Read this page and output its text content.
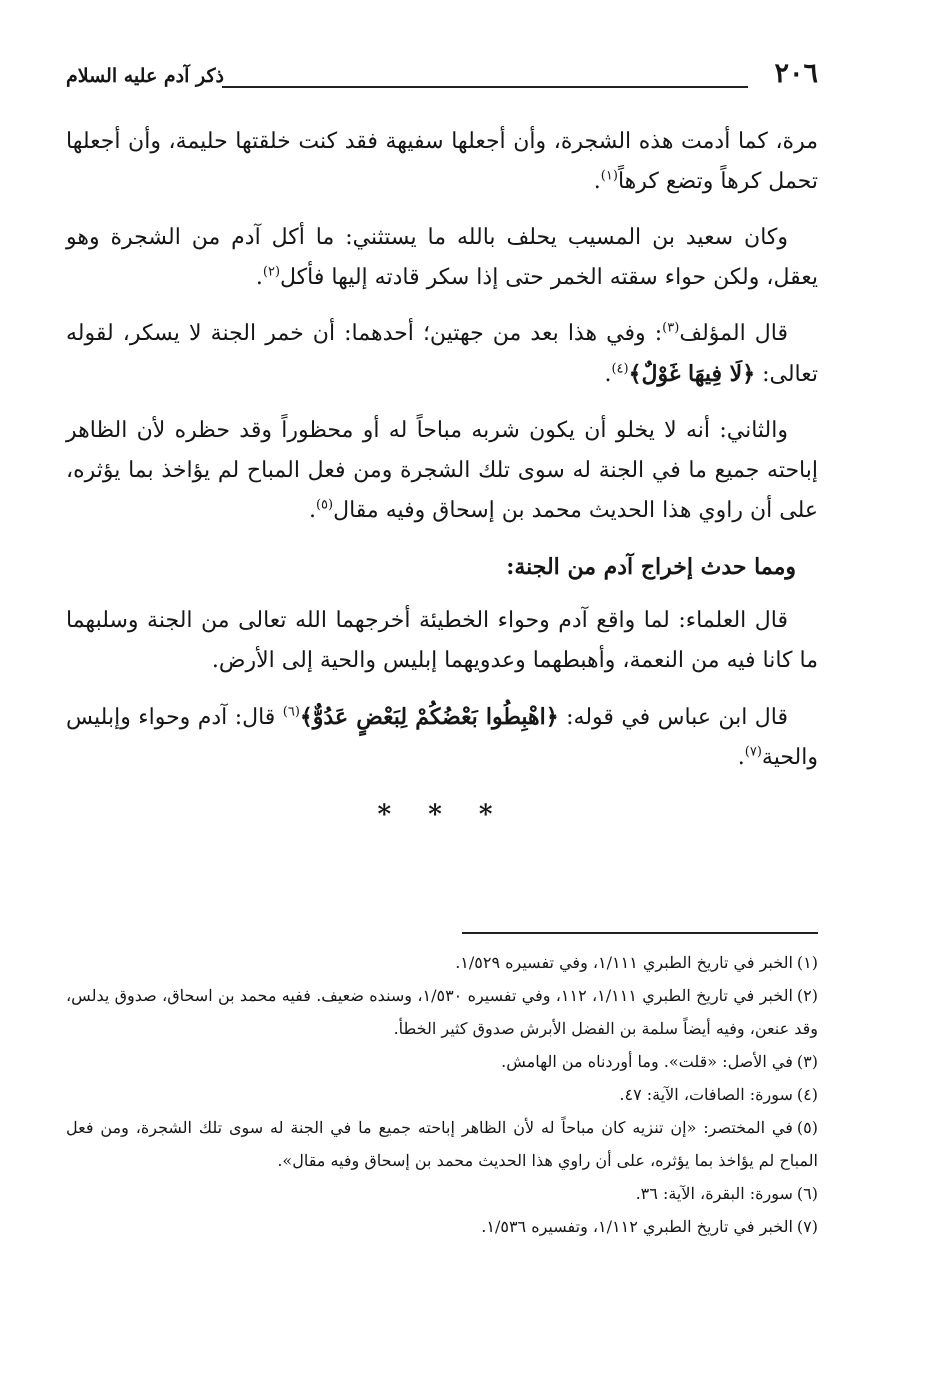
٢٠٦
ذكر آدم عليه السلام

مرة، كما أدمت هذه الشجرة، وأن أجعلها سفيهة فقد كنت خلقتها حليمة، وأن أجعلها تحمل كرهاً وتضع كرهاً$^{(١)}$.

وكان سعيد بن المسيب يحلف بالله ما يستثني: ما أكل آدم من الشجرة وهو يعقل، ولكن حواء سقته الخمر حتى إذا سكر قادته إليها فأكل$^{(٢)}$.

قال المؤلف$^{(٣)}$: وفي هذا بعد من جهتين؛ أحدهما: أن خمر الجنة لا يسكر، لقوله تعالى: ﴿لَا فِيهَا غَوْلٌ﴾$^{(٤)}$.

والثاني: أنه لا يخلو أن يكون شربه مباحاً له أو محظوراً وقد حظره لأن الظاهر إباحته جميع ما في الجنة له سوى تلك الشجرة ومن فعل المباح لم يؤاخذ بما يؤثره، على أن راوي هذا الحديث محمد بن إسحاق وفيه مقال$^{(٥)}$.

ومما حدث إخراج آدم من الجنة:

قال العلماء: لما واقع آدم وحواء الخطيئة أخرجهما الله تعالى من الجنة وسلبهما ما كانا فيه من النعمة، وأهبطهما وعدويهما إبليس والحية إلى الأرض.

قال ابن عباس في قوله: ﴿اهْبِطُوا بَعْضُكُمْ لِبَعْضٍ عَدُوٌّ﴾$^{(٦)}$ قال: آدم وحواء وإبليس والحية$^{(٧)}$.

* * *

(١)الخبر في تاريخ الطبري ١/١١١، وفي تفسيره ١/٥٢٩.

(٢)الخبر في تاريخ الطبري ١/١١١، ١١٢، وفي تفسيره ١/٥٣٠، وسنده ضعيف. ففيه محمد بن اسحاق، صدوق يدلس، وقد عنعن، وفيه أيضاً سلمة بن الفضل الأبرش صدوق كثير الخطأ.

(٣)في الأصل: «قلت». وما أوردناه من الهامش.

(٤)سورة: الصافات، الآية: ٤٧.

(٥)في المختصر: «إن تنزيه كان مباحاً له لأن الظاهر إباحته جميع ما في الجنة له سوى تلك الشجرة، ومن فعل المباح لم يؤاخذ بما يؤثره، على أن راوي هذا الحديث محمد بن إسحاق وفيه مقال».

(٦)سورة: البقرة، الآية: ٣٦.

(٧)الخبر في تاريخ الطبري ١/١١٢، وتفسيره ١/٥٣٦.
